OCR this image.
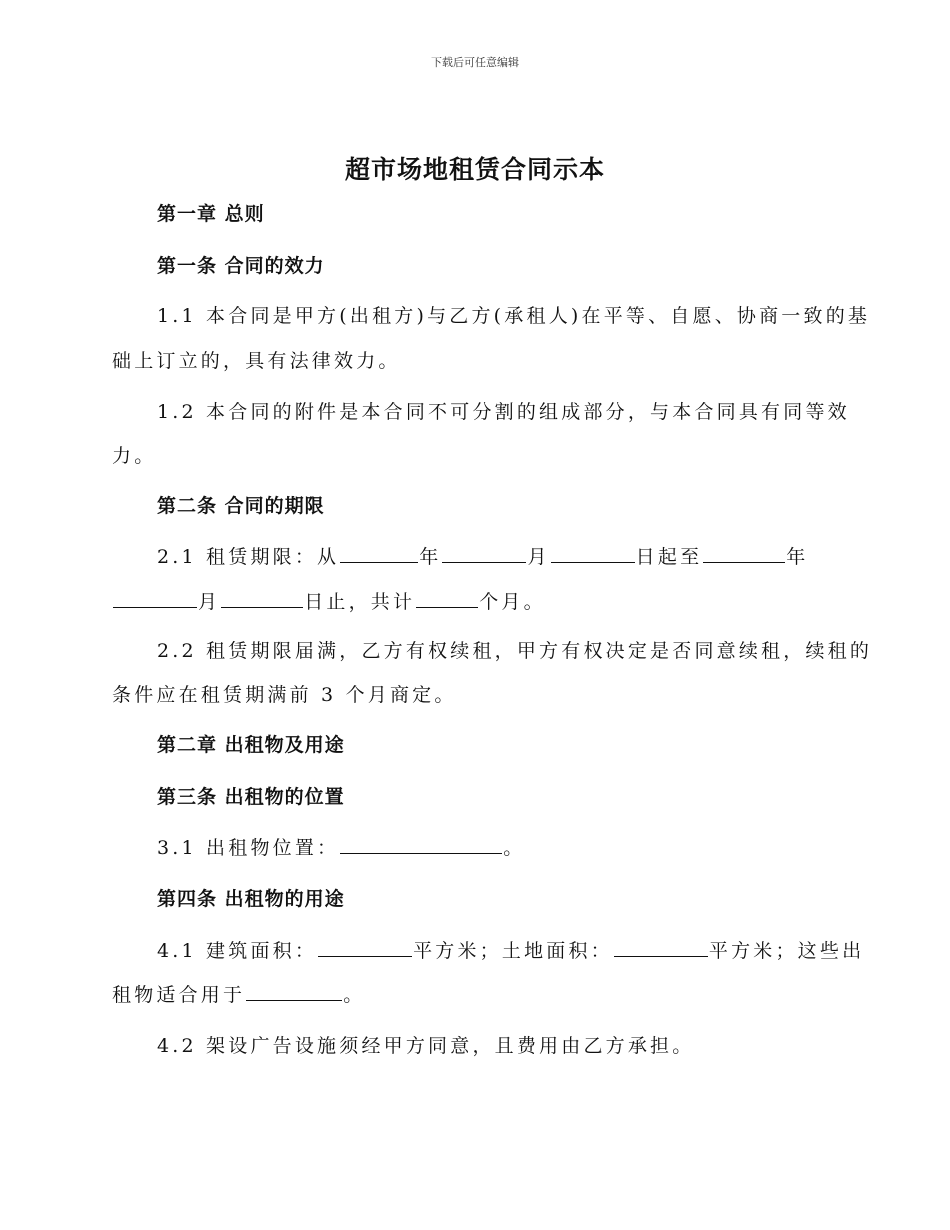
下载后可任意编辑
超市场地租赁合同示本
第一章 总则
第一条 合同的效力
1.1 本合同是甲方(出租方)与乙方(承租人)在平等、自愿、协商一致的基
础上订立的，具有法律效力。
1.2 本合同的附件是本合同不可分割的组成部分，与本合同具有同等效
力。
第二条 合同的期限
2.1 租赁期限：从	年	月	日起至	年
月	日止，共计	个月。
2.2 租赁期限届满，乙方有权续租，甲方有权决定是否同意续租，续租的
条件应在租赁期满前 3 个月商定。
第二章 出租物及用途
第三条 出租物的位置
3.1 出租物位置：	。
第四条 出租物的用途
4.1 建筑面积：	平方米；土地面积：	平方米；这些出
租物适合用于	。
4.2 架设广告设施须经甲方同意，且费用由乙方承担。
